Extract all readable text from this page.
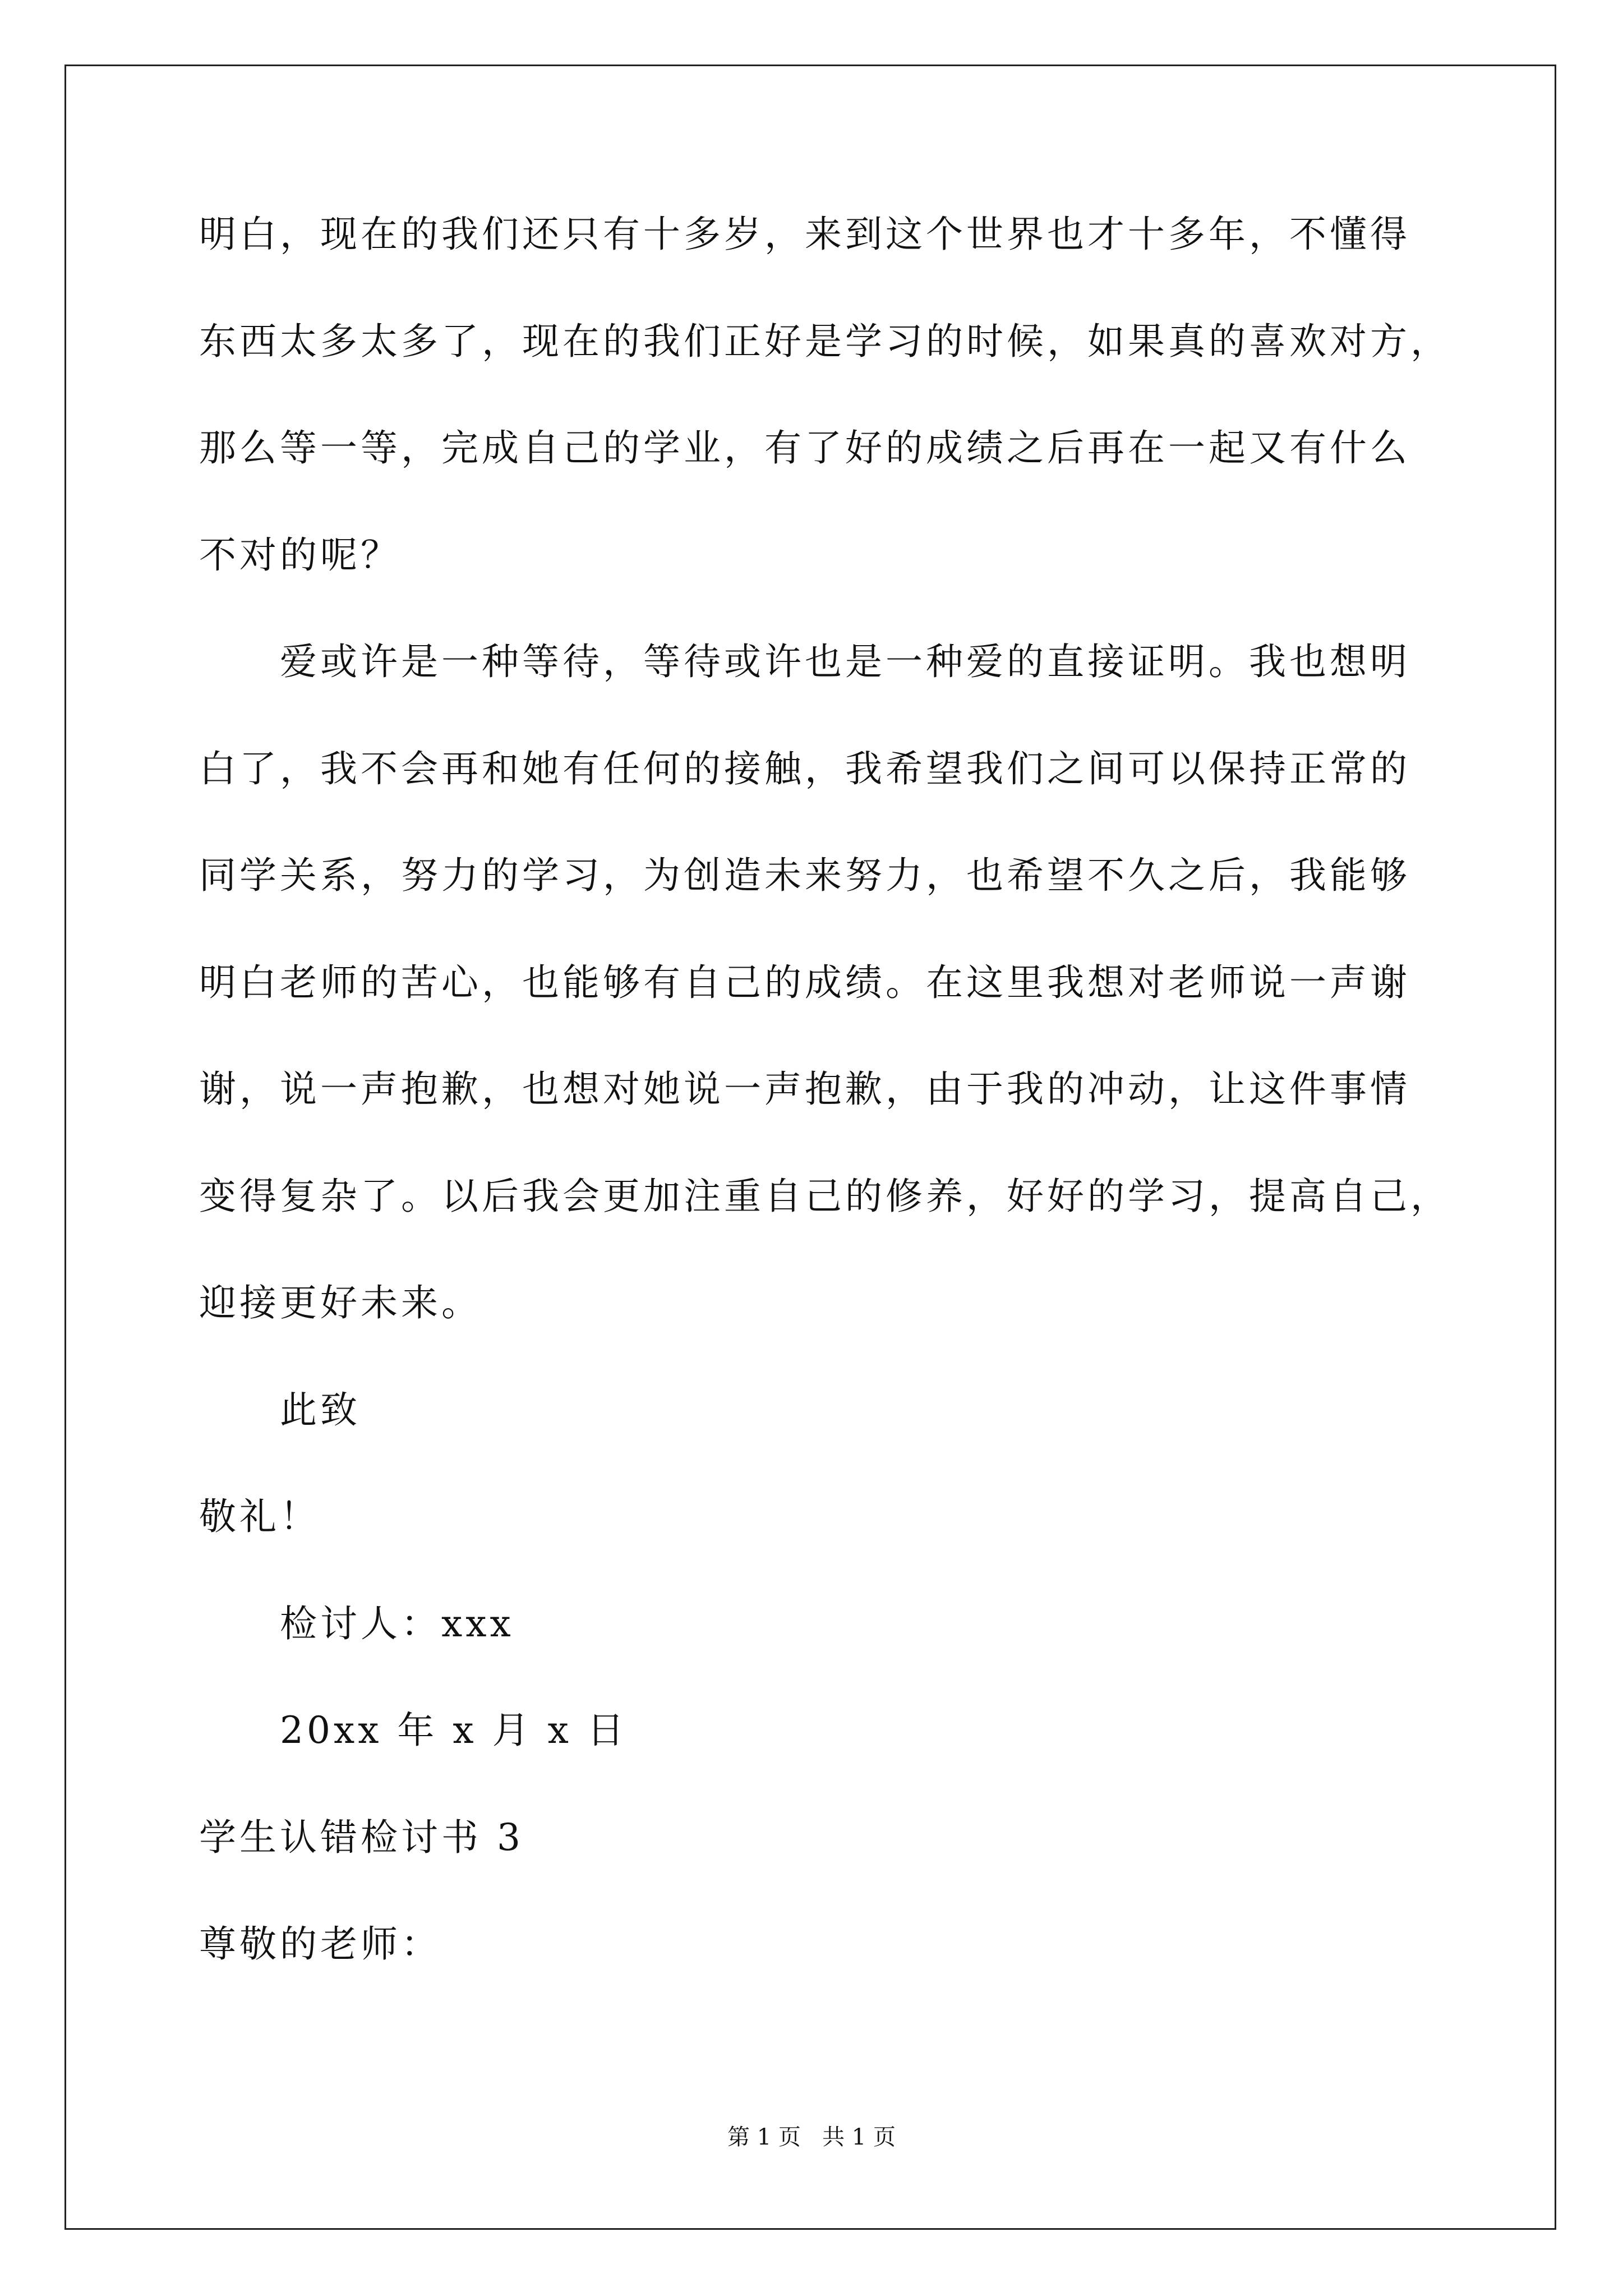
明白，现在的我们还只有十多岁，来到这个世界也才十多年，不懂得
东西太多太多了，现在的我们正好是学习的时候，如果真的喜欢对方，
那么等一等，完成自己的学业，有了好的成绩之后再在一起又有什么
不对的呢？
爱或许是一种等待，等待或许也是一种爱的直接证明。我也想明
白了，我不会再和她有任何的接触，我希望我们之间可以保持正常的
同学关系，努力的学习，为创造未来努力，也希望不久之后，我能够
明白老师的苦心，也能够有自己的成绩。在这里我想对老师说一声谢
谢，说一声抱歉，也想对她说一声抱歉，由于我的冲动，让这件事情
变得复杂了。以后我会更加注重自己的修养，好好的学习，提高自己，
迎接更好未来。
此致
敬礼！
检讨人：xxx
20xx 年 x 月 x 日
学生认错检讨书 3
尊敬的老师：
第 1 页   共 1 页
